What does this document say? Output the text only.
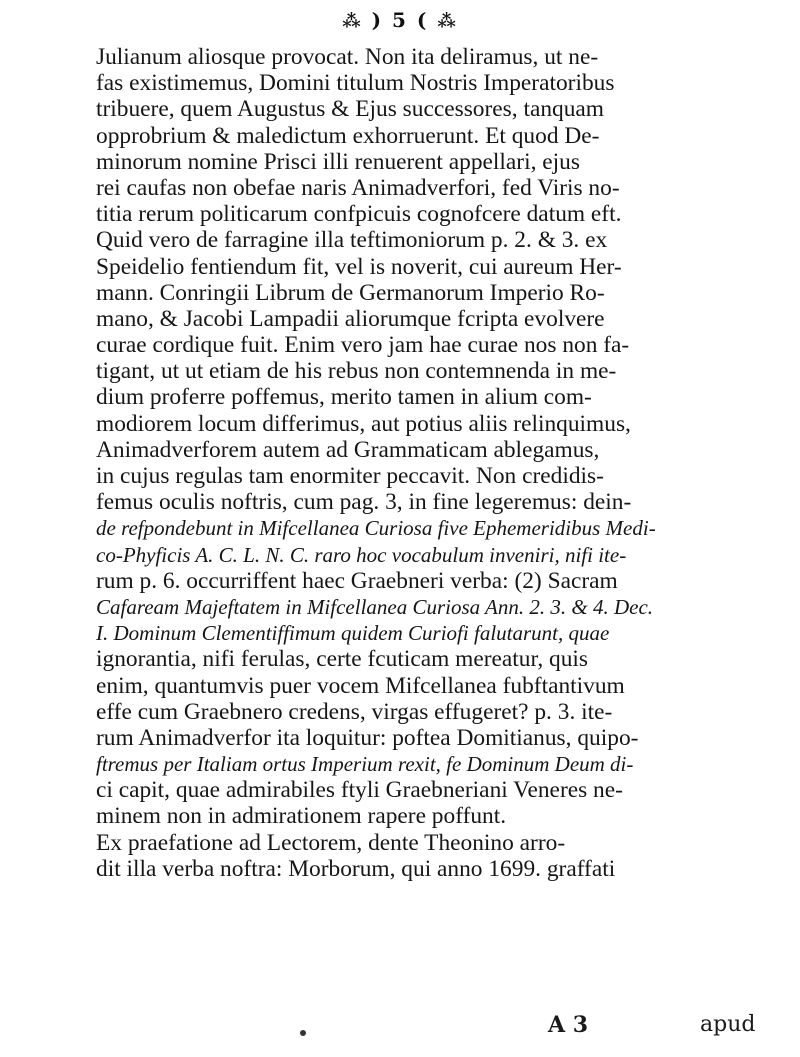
⁂ ) 5 ( ⁂
Julianum aliosque provocat. Non ita deliramus, ut ne-
fas existimemus, Domini titulum Nostris Imperatoribus
tribuere, quem Augustus & Ejus successores, tanquam
opprobrium & maledictum exhorruerunt. Et quod De-
minorum nomine Prisci illi renuerent appellari, ejus
rei caufas non obefae naris Animadverfori, fed Viris no-
titia rerum politicarum confpicuis cognofcere datum eft.
Quid vero de farragine illa teftimoniorum p. 2. & 3. ex
Speidelio fentiendum fit, vel is noverit, cui aureum Her-
mann. Conringii Librum de Germanorum Imperio Ro-
mano, & Jacobi Lampadii aliorumque fcripta evolvere
curae cordique fuit. Enim vero jam hae curae nos non fa-
tigant, ut ut etiam de his rebus non contemnenda in me-
dium proferre poffemus, merito tamen in alium com-
modiorem locum differimus, aut potius aliis relinquimus,
Animadverforem autem ad Grammaticam ablegamus,
in cujus regulas tam enormiter peccavit. Non credidis-
femus oculis noftris, cum pag. 3, in fine legeremus: dein-
de refpondebunt in Mifcellanea Curiosa five Ephemeridibus Medi-
co-Phyficis A. C. L. N. C. raro hoc vocabulum inveniri, nifi ite-
rum p. 6. occurriffent haec Graebneri verba: (2) Sacram
Cafaream Majeftatem in Mifcellanea Curiosa Ann. 2. 3. & 4. Dec.
I. Dominum Clementiffimum quidem Curiofi falutarunt, quae
ignorantia, nifi ferulas, certe fcuticam mereatur, quis
enim, quantumvis puer vocem Mifcellanea fubftantivum
effe cum Graebnero credens, virgas effugeret? p. 3. ite-
rum Animadverfor ita loquitur: poftea Domitianus, quipo-
ftremus per Italiam ortus Imperium rexit, fe Dominum Deum di-
ci capit, quae admirabiles ftyli Graebneriani Veneres ne-
minem non in admirationem rapere poffunt.
Ex praefatione ad Lectorem, dente Theonino arro-
dit illa verba noftra: Morborum, qui anno 1699. graffati
A 3	apud
